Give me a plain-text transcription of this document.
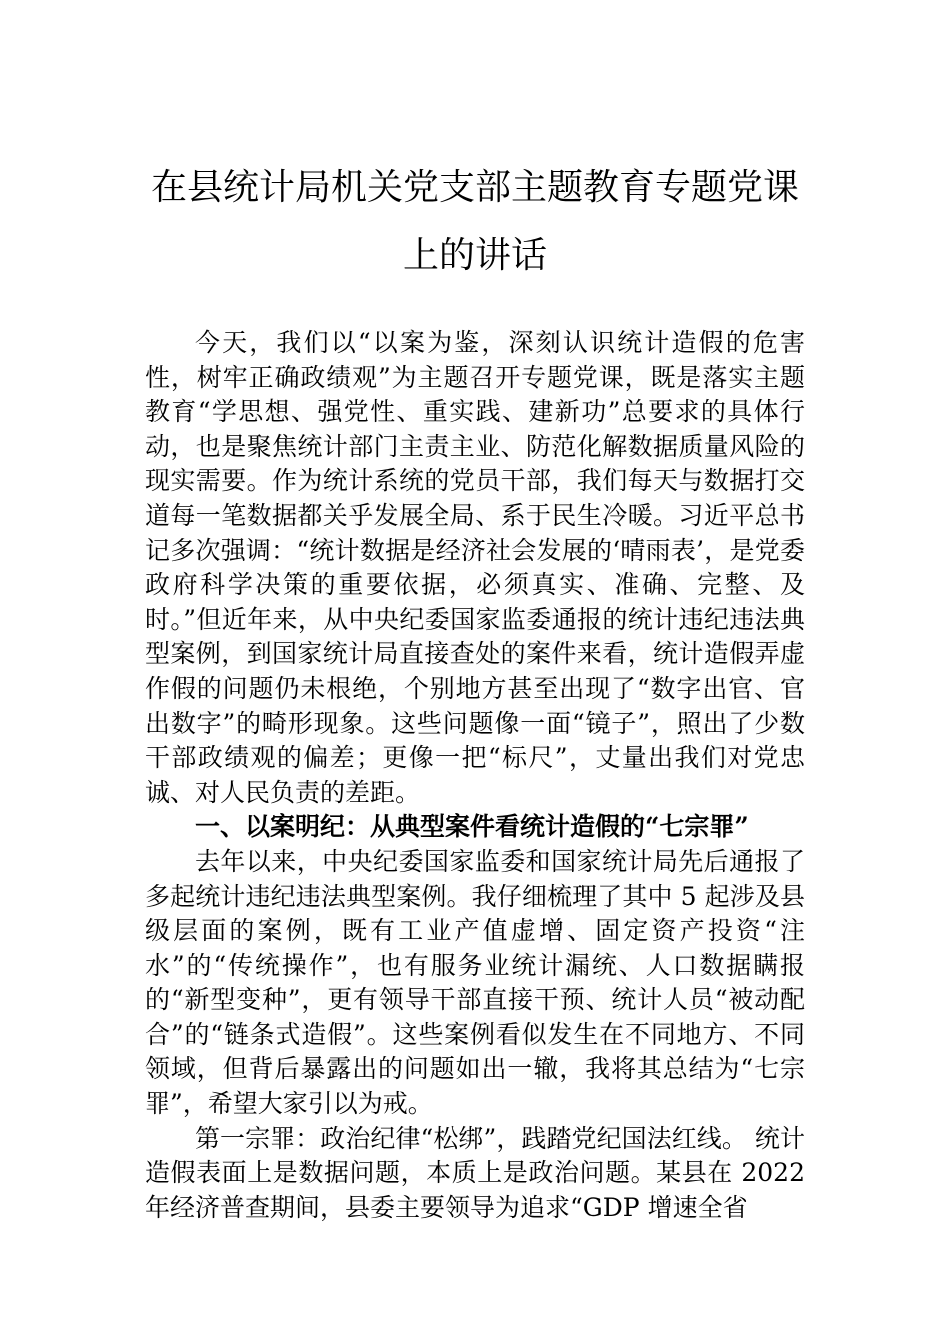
在县统计局机关党支部主题教育专题党课
上的讲话

今天，我们以“以案为鉴，深刻认识统计造假的危害性，树牢正确政绩观”为主题召开专题党课，既是落实主题教育“学思想、强党性、重实践、建新功”总要求的具体行动，也是聚焦统计部门主责主业、防范化解数据质量风险的现实需要。作为统计系统的党员干部，我们每天与数据打交道每一笔数据都关乎发展全局、系于民生冷暖。习近平总书记多次强调：“统计数据是经济社会发展的‘晴雨表’，是党委政府科学决策的重要依据，必须真实、准确、完整、及时。”但近年来，从中央纪委国家监委通报的统计违纪违法典型案例，到国家统计局直接查处的案件来看，统计造假弄虚作假的问题仍未根绝，个别地方甚至出现了“数字出官、官出数字”的畸形现象。这些问题像一面“镜子”，照出了少数干部政绩观的偏差；更像一把“标尺”，丈量出我们对党忠诚、对人民负责的差距。

一、以案明纪：从典型案件看统计造假的“七宗罪”

去年以来，中央纪委国家监委和国家统计局先后通报了多起统计违纪违法典型案例。我仔细梳理了其中 5 起涉及县级层面的案例，既有工业产值虚增、固定资产投资“注水”的“传统操作”，也有服务业统计漏统、人口数据瞒报的“新型变种”，更有领导干部直接干预、统计人员“被动配合”的“链条式造假”。这些案例看似发生在不同地方、不同领域，但背后暴露出的问题如出一辙，我将其总结为“七宗罪”，希望大家引以为戒。

第一宗罪：政治纪律“松绑”，践踏党纪国法红线。 统计造假表面上是数据问题，本质上是政治问题。某县在 2022 年经济普查期间，县委主要领导为追求“GDP 增速全省
